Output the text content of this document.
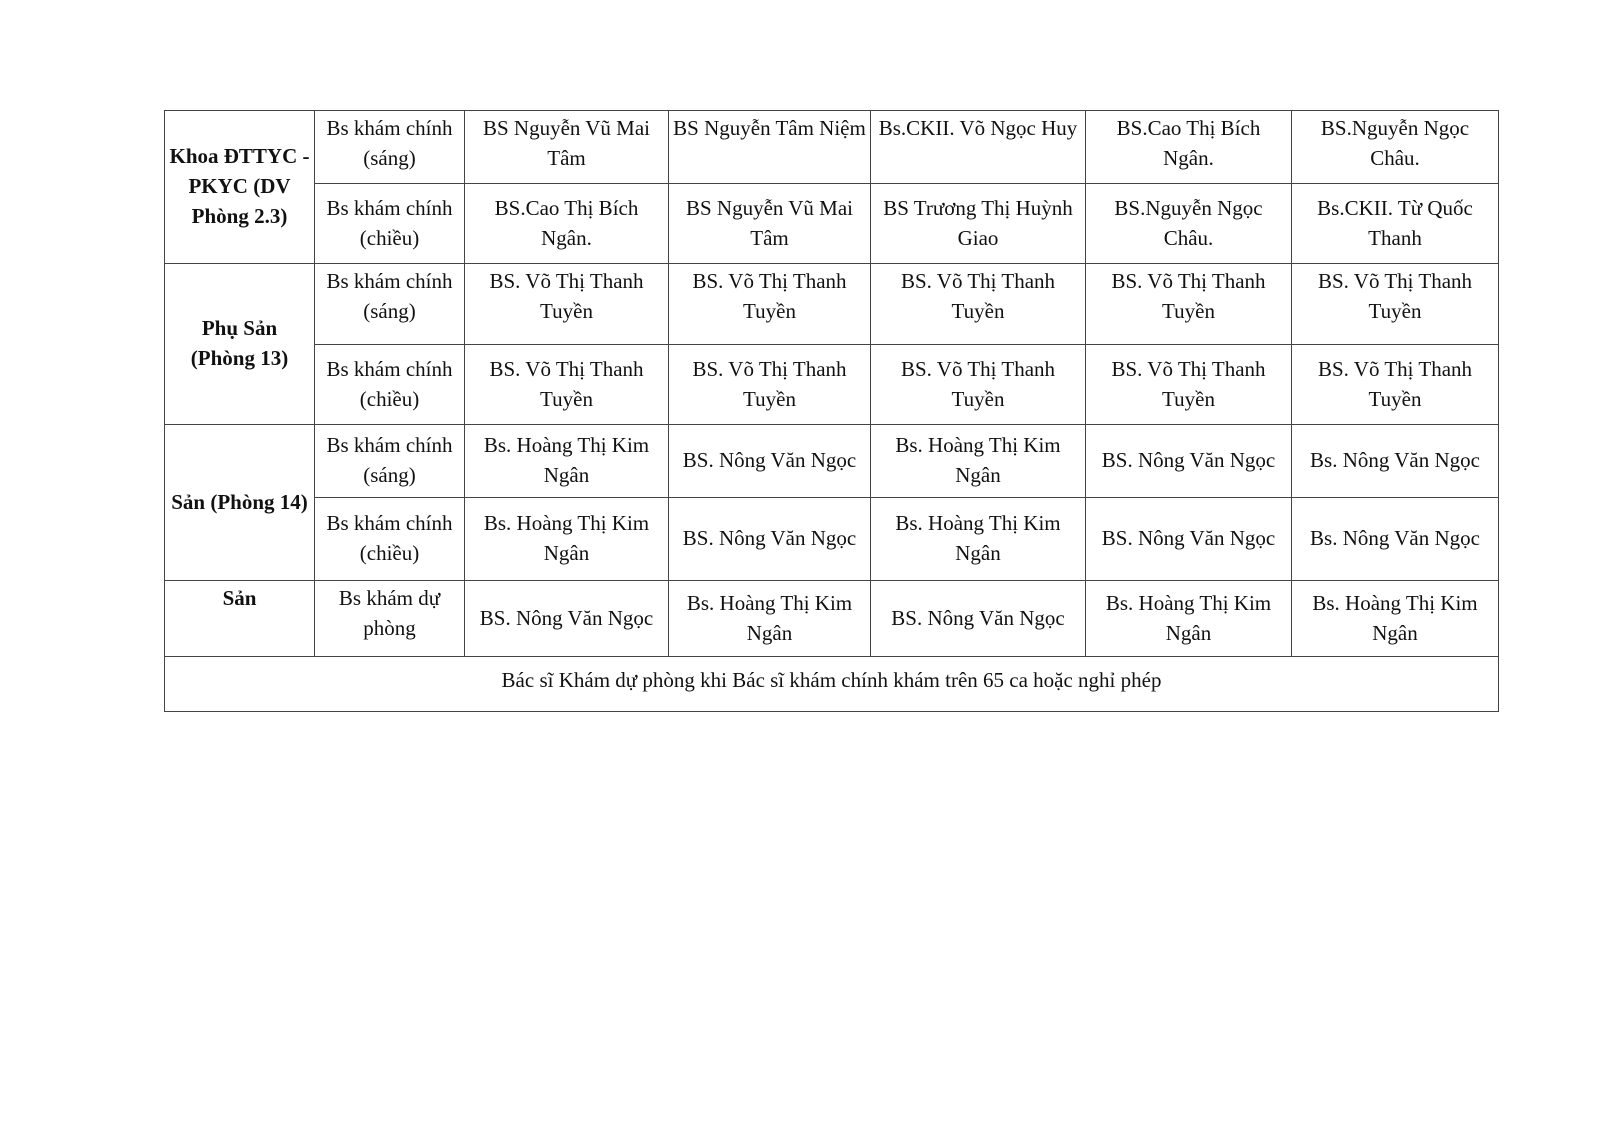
Khoa ĐTTYC - PKYC (DV Phòng 2.3)	Bs khám chính (sáng)	BS Nguyễn Vũ Mai Tâm	BS Nguyễn Tâm Niệm	Bs.CKII. Võ Ngọc Huy	BS.Cao Thị Bích Ngân.	BS.Nguyễn Ngọc Châu.
	Bs khám chính (chiều)	BS.Cao Thị Bích Ngân.	BS Nguyễn Vũ Mai Tâm	BS Trương Thị Huỳnh Giao	BS.Nguyễn Ngọc Châu.	Bs.CKII. Từ Quốc Thanh
Phụ Sản (Phòng 13)	Bs khám chính (sáng)	BS. Võ Thị Thanh Tuyền	BS. Võ Thị Thanh Tuyền	BS. Võ Thị Thanh Tuyền	BS. Võ Thị Thanh Tuyền	BS. Võ Thị Thanh Tuyền
	Bs khám chính (chiều)	BS. Võ Thị Thanh Tuyền	BS. Võ Thị Thanh Tuyền	BS. Võ Thị Thanh Tuyền	BS. Võ Thị Thanh Tuyền	BS. Võ Thị Thanh Tuyền
Sản (Phòng 14)	Bs khám chính (sáng)	Bs. Hoàng Thị Kim Ngân	BS. Nông Văn Ngọc	Bs. Hoàng Thị Kim Ngân	BS. Nông Văn Ngọc	Bs. Nông Văn Ngọc
	Bs khám chính (chiều)	Bs. Hoàng Thị Kim Ngân	BS. Nông Văn Ngọc	Bs. Hoàng Thị Kim Ngân	BS. Nông Văn Ngọc	Bs. Nông Văn Ngọc
Sản	Bs khám dự phòng	BS. Nông Văn Ngọc	Bs. Hoàng Thị Kim Ngân	BS. Nông Văn Ngọc	Bs. Hoàng Thị Kim Ngân	Bs. Hoàng Thị Kim Ngân
Bác sĩ Khám dự phòng khi Bác sĩ khám chính khám trên 65 ca hoặc nghỉ phép						
